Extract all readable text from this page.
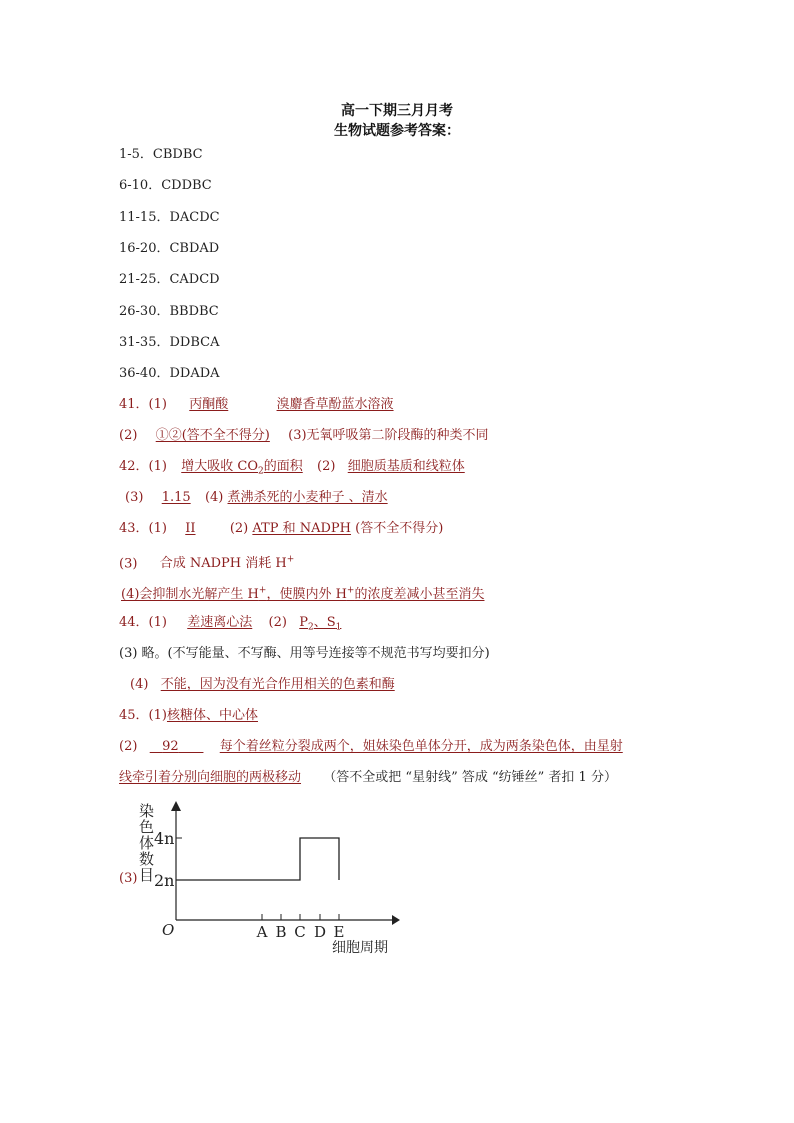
高一下期三月月考
生物试题参考答案：
1-5．CBDBC
6-10．CDDBC
11-15．DACDC
16-20．CBDAD
21-25．CADCD
26-30．BBDBC
31-35．DDBCA
36-40．DDADA
41．(1) 丙酮酸	溴麝香草酚蓝水溶液
(2) ①②(答不全不得分) (3)无氧呼吸第二阶段酶的种类不同
42．(1) 增大吸收 $CO_2$的面积 (2) 细胞质基质和线粒体
(3) 1.15 (4) 煮沸杀死的小麦种子 、清水
43．(1) II	(2) ATP 和 NADPH (答不全不得分)
(3) 合成 NADPH 消耗 H+
(4)会抑制水光解产生 H+，使膜内外 H+的浓度差减小甚至消失
44．(1) 差速离心法 (2) $P_2$、$S_1$
(3) 略。(不写能量、不写酶、用等号连接等不规范书写均要扣分)
(4) 不能，因为没有光合作用相关的色素和酶
45．(1)核糖体、中心体
(2) 92	每个着丝粒分裂成两个，姐妹染色单体分开，成为两条染色体，由星射
线牵引着分别向细胞的两极移动 （答不全或把 “星射线” 答成 “纺锤丝” 者扣 1 分）
(3)
O
2n
4n
A B C D E
染色体数目
细胞周期
